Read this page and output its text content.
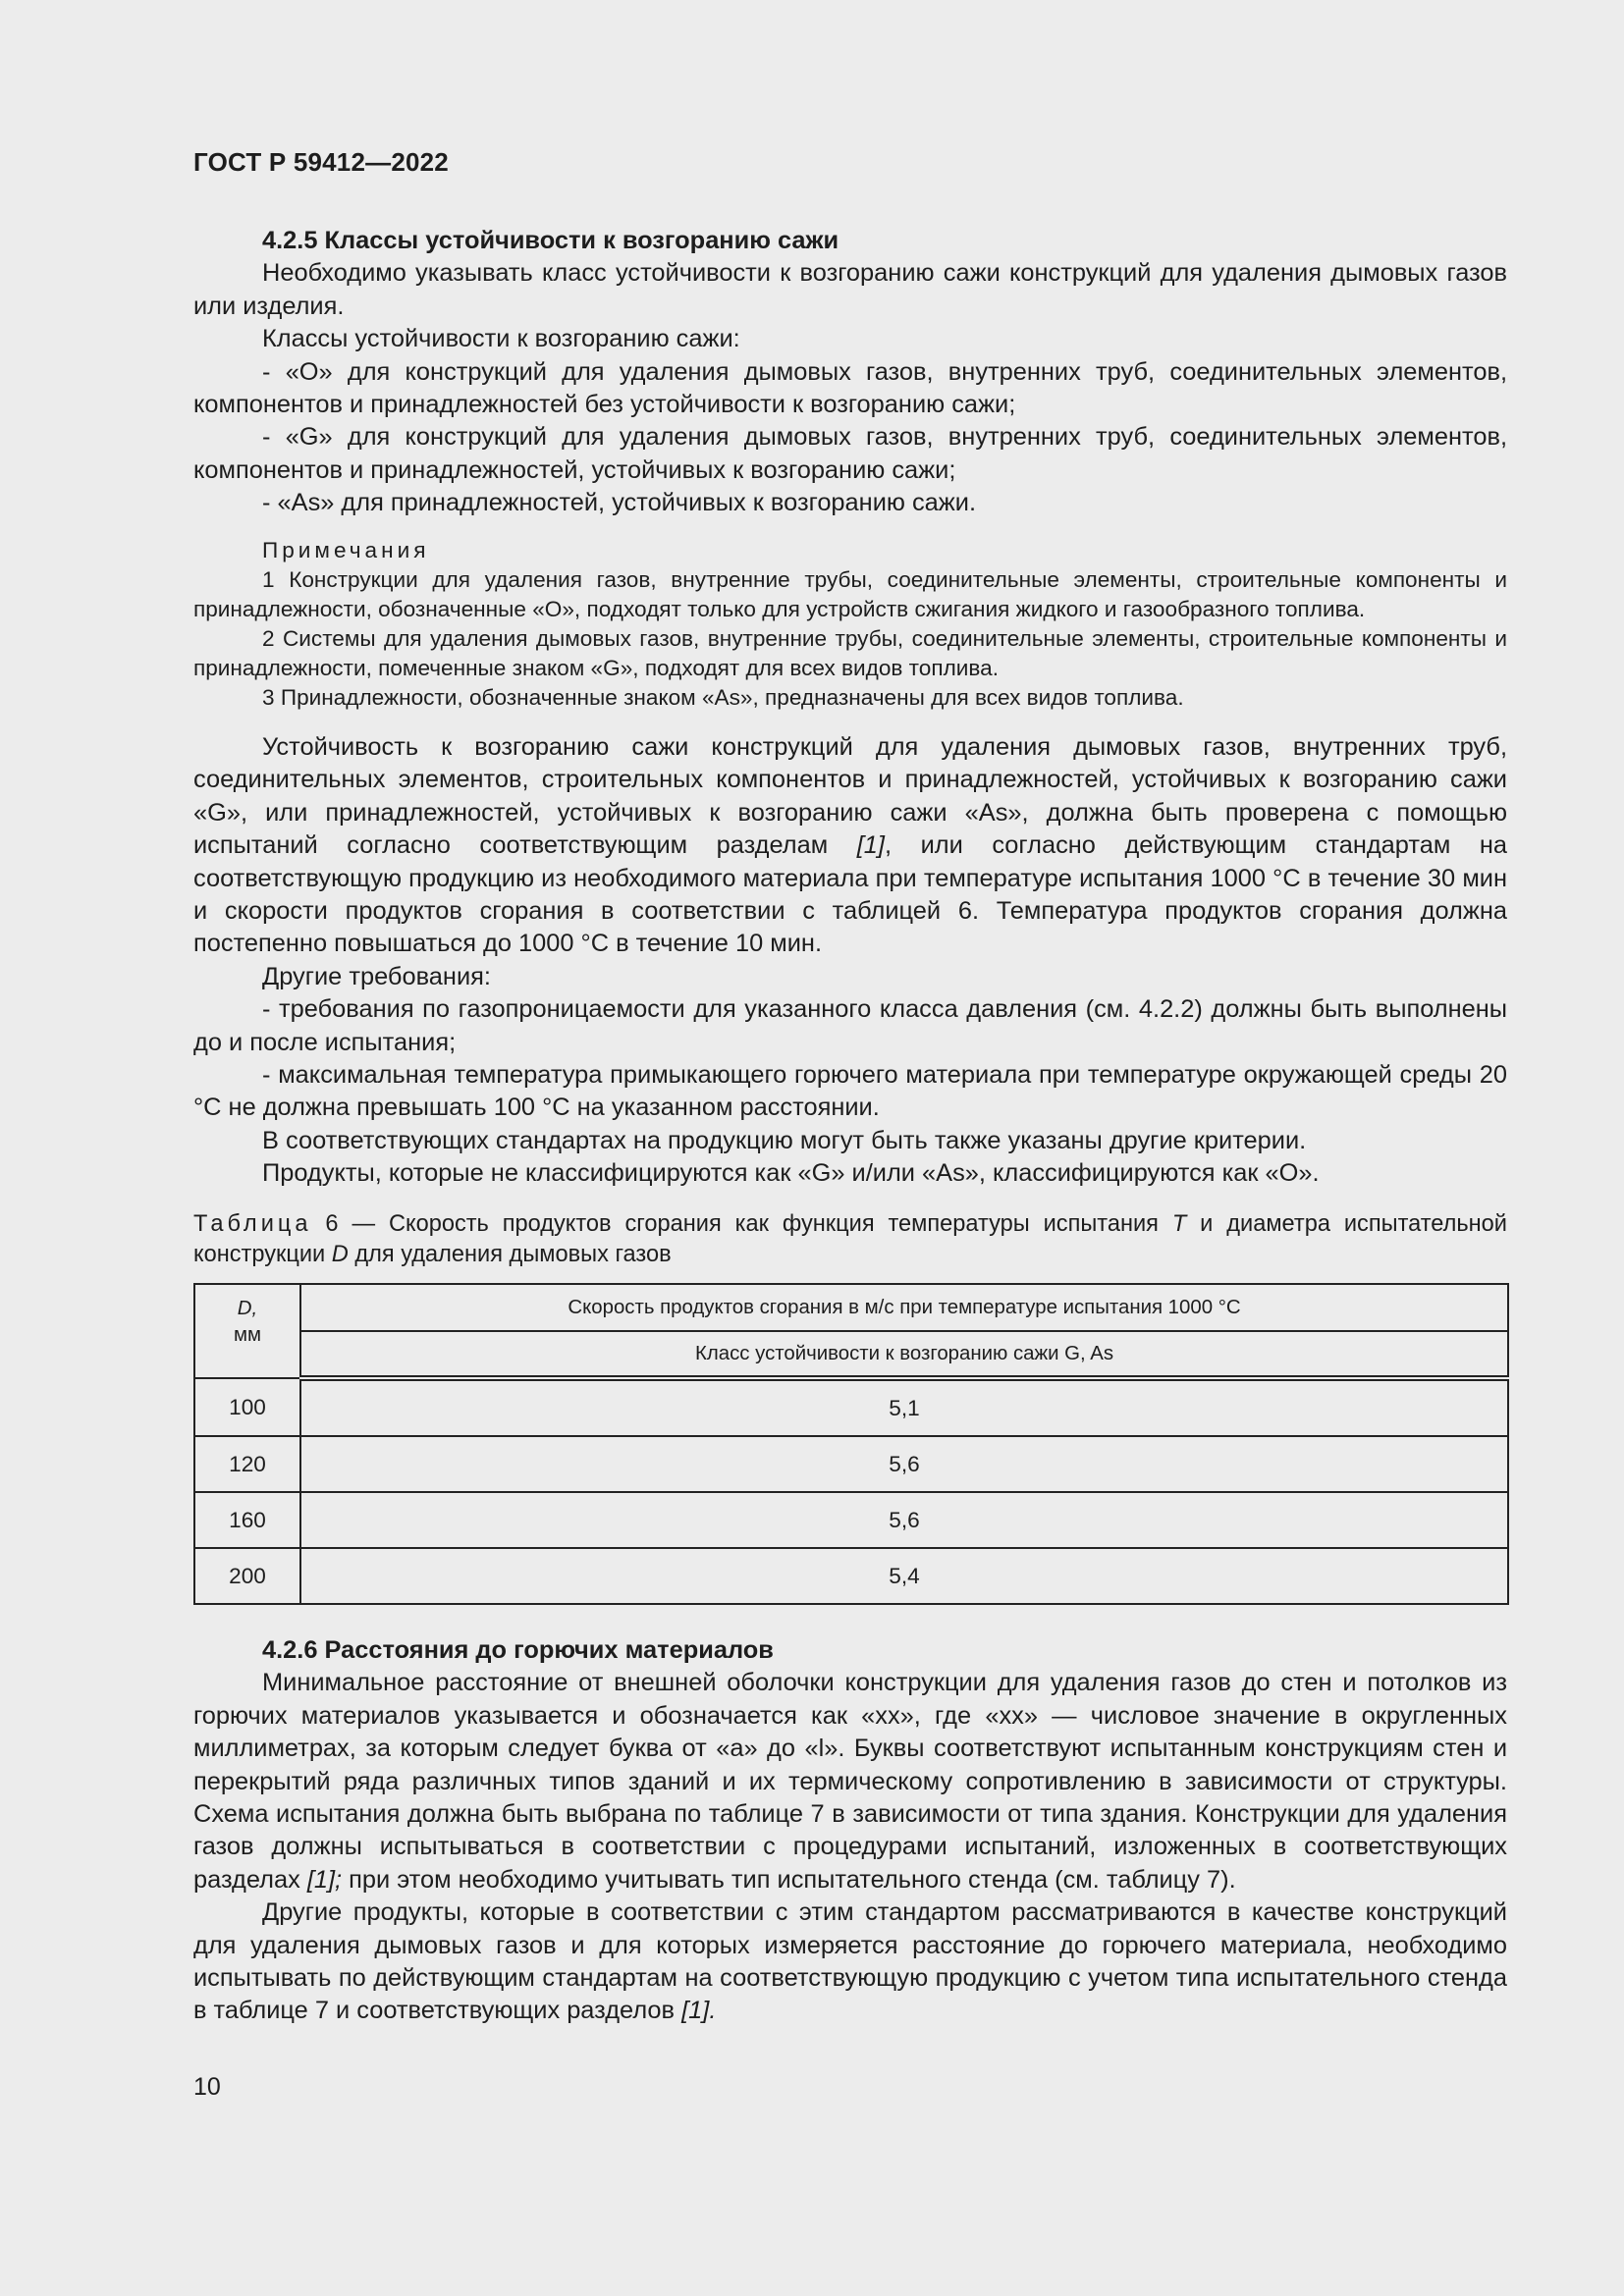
ГОСТ Р 59412—2022

4.2.5 Классы устойчивости к возгоранию сажи

Необходимо указывать класс устойчивости к возгоранию сажи конструкций для удаления дымовых газов или изделия.

Классы устойчивости к возгоранию сажи:

- «О» для конструкций для удаления дымовых газов, внутренних труб, соединительных элементов, компонентов и принадлежностей без устойчивости к возгоранию сажи;

- «G» для конструкций для удаления дымовых газов, внутренних труб, соединительных элементов, компонентов и принадлежностей, устойчивых к возгоранию сажи;

- «As» для принадлежностей, устойчивых к возгоранию сажи.

Примечания

1 Конструкции для удаления газов, внутренние трубы, соединительные элементы, строительные компоненты и принадлежности, обозначенные «О», подходят только для устройств сжигания жидкого и газообразного топлива.

2 Системы для удаления дымовых газов, внутренние трубы, соединительные элементы, строительные компоненты и принадлежности, помеченные знаком «G», подходят для всех видов топлива.

3 Принадлежности, обозначенные знаком «As», предназначены для всех видов топлива.

Устойчивость к возгоранию сажи конструкций для удаления дымовых газов, внутренних труб, соединительных элементов, строительных компонентов и принадлежностей, устойчивых к возгоранию сажи «G», или принадлежностей, устойчивых к возгоранию сажи «As», должна быть проверена с помощью испытаний согласно соответствующим разделам [1], или согласно действующим стандартам на соответствующую продукцию из необходимого материала при температуре испытания 1000 °С в течение 30 мин и скорости продуктов сгорания в соответствии с таблицей 6. Температура продуктов сгорания должна постепенно повышаться до 1000 °С в течение 10 мин.

Другие требования:

- требования по газопроницаемости для указанного класса давления (см. 4.2.2) должны быть выполнены до и после испытания;

- максимальная температура примыкающего горючего материала при температуре окружающей среды 20 °С не должна превышать 100 °С на указанном расстоянии.

В соответствующих стандартах на продукцию могут быть также указаны другие критерии.

Продукты, которые не классифицируются как «G» и/или «As», классифицируются как «О».

Таблица 6 — Скорость продуктов сгорания как функция температуры испытания T и диаметра испытательной конструкции D для удаления дымовых газов

D,
мм	Скорость продуктов сгорания в м/с при температуре испытания 1000 °С
	Класс устойчивости к возгоранию сажи G, As
100	5,1
120	5,6
160	5,6
200	5,4

4.2.6 Расстояния до горючих материалов

Минимальное расстояние от внешней оболочки конструкции для удаления газов до стен и потолков из горючих материалов указывается и обозначается как «хх», где «хх» — числовое значение в округленных миллиметрах, за которым следует буква от «а» до «l». Буквы соответствуют испытанным конструкциям стен и перекрытий ряда различных типов зданий и их термическому сопротивлению в зависимости от структуры. Схема испытания должна быть выбрана по таблице 7 в зависимости от типа здания. Конструкции для удаления газов должны испытываться в соответствии с процедурами испытаний, изложенных в соответствующих разделах [1]; при этом необходимо учитывать тип испытательного стенда (см. таблицу 7).

Другие продукты, которые в соответствии с этим стандартом рассматриваются в качестве конструкций для удаления дымовых газов и для которых измеряется расстояние до горючего материала, необходимо испытывать по действующим стандартам на соответствующую продукцию с учетом типа испытательного стенда в таблице 7 и соответствующих разделов [1].

10
